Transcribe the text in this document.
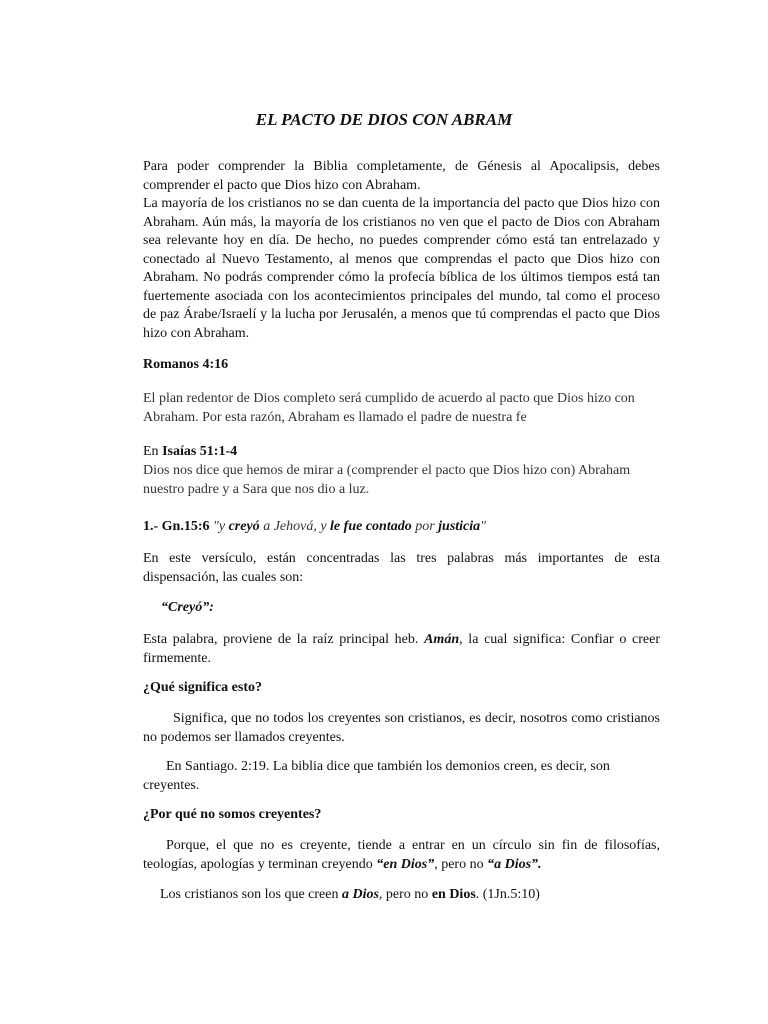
EL PACTO DE DIOS CON ABRAM
Para poder comprender la Biblia completamente, de Génesis al Apocalipsis, debes comprender el pacto que Dios hizo con Abraham.
La mayoría de los cristianos no se dan cuenta de la importancia del pacto que Dios hizo con Abraham. Aún más, la mayoría de los cristianos no ven que el pacto de Dios con Abraham sea relevante hoy en día. De hecho, no puedes comprender cómo está tan entrelazado y conectado al Nuevo Testamento, al menos que comprendas el pacto que Dios hizo con Abraham. No podrás comprender cómo la profecía bíblica de los últimos tiempos está tan fuertemente asociada con los acontecimientos principales del mundo, tal como el proceso de paz Árabe/Israelí y la lucha por Jerusalén, a menos que tú comprendas el pacto que Dios hizo con Abraham.
Romanos 4:16
El plan redentor de Dios completo será cumplido de acuerdo al pacto que Dios hizo con Abraham. Por esta razón, Abraham es llamado el padre de nuestra fe
En Isaías 51:1-4
Dios nos dice que hemos de mirar a (comprender el pacto que Dios hizo con) Abraham nuestro padre y a Sara que nos dio a luz.
1.- Gn.15:6 "y creyó a Jehová, y le fue contado por justicia"
En este versículo, están concentradas las tres palabras más importantes de esta dispensación, las cuales son:
“Creyó”:
Esta palabra, proviene de la raíz principal heb. Amán, la cual significa: Confiar o creer firmemente.
¿Qué significa esto?
Significa, que no todos los creyentes son cristianos, es decir, nosotros como cristianos no podemos ser llamados creyentes.
En Santiago. 2:19. La biblia dice que también los demonios creen, es decir, son creyentes.
¿Por qué no somos creyentes?
Porque, el que no es creyente, tiende a entrar en un círculo sin fin de filosofías, teologías, apologías y terminan creyendo “en Dios”, pero no “a Dios”.
Los cristianos son los que creen a Dios, pero no en Dios. (1Jn.5:10)
